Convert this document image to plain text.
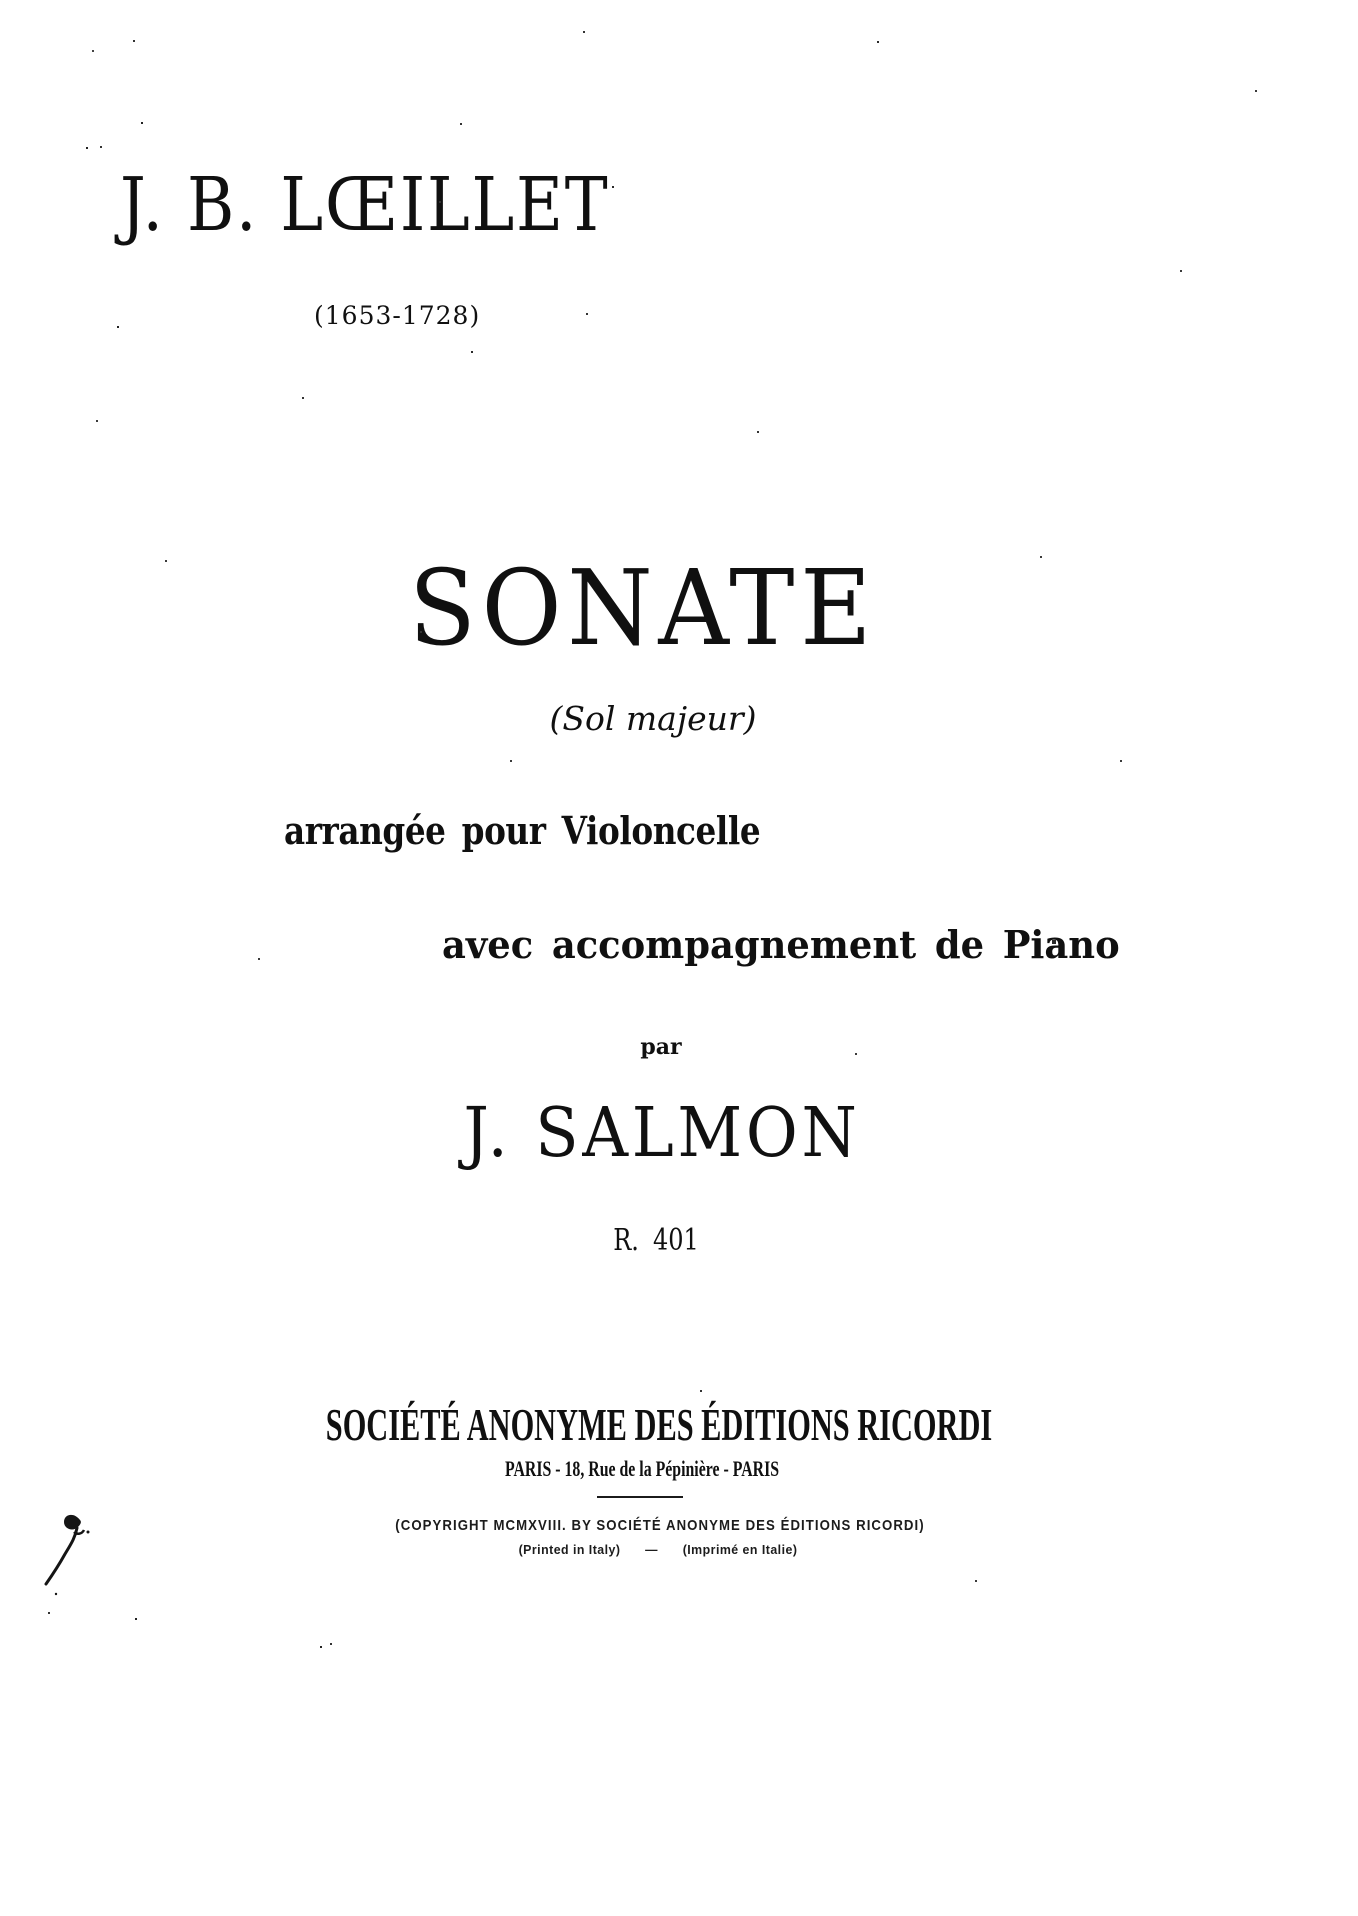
J. B. LŒILLET
(1653-1728)
SONATE
(Sol majeur)
arrangée pour Violoncelle
avec accompagnement de Piano
par
J. SALMON
R. 401
SOCIÉTÉ ANONYME DES ÉDITIONS RICORDI
PARIS - 18, Rue de la Pépinière - PARIS
(COPYRIGHT MCMXVIII. BY SOCIÉTÉ ANONYME DES ÉDITIONS RICORDI)
(Printed in Italy) — (Imprimé en Italie)
